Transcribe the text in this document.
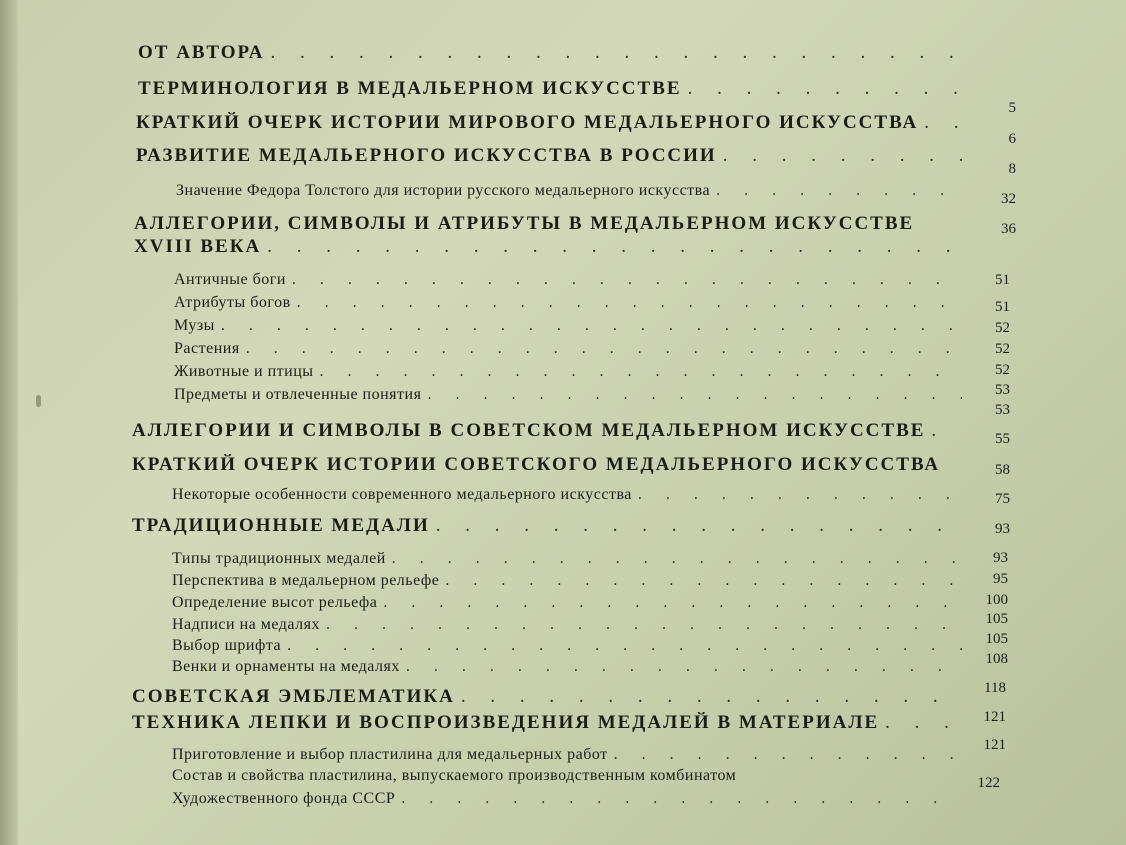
ОТ АВТОРА
. . .
ТЕРМИНОЛОГИЯ В МЕДАЛЬЕРНОМ ИСКУССТВЕ
. . .
КРАТКИЙ ОЧЕРК ИСТОРИИ МИРОВОГО МЕДАЛЬЕРНОГО ИСКУССТВА
. . .
РАЗВИТИЕ МЕДАЛЬЕРНОГО ИСКУССТВА В РОССИИ
. . .
Значение Федора Толстого для истории русского медальерного искусства
. . .
АЛЛЕГОРИИ, СИМВОЛЫ И АТРИБУТЫ В МЕДАЛЬЕРНОМ ИСКУССТВЕ
XVIII ВЕКА
. . .
Античные боги
. . .
Атрибуты богов
. . .
Музы
. . .
Растения
. . .
Животные и птицы
. . .
Предметы и отвлеченные понятия
. . .
АЛЛЕГОРИИ И СИМВОЛЫ В СОВЕТСКОМ МЕДАЛЬЕРНОМ ИСКУССТВЕ
. . .
КРАТКИЙ ОЧЕРК ИСТОРИИ СОВЕТСКОГО МЕДАЛЬЕРНОГО ИСКУССТВА
Некоторые особенности современного медальерного искусства
. . .
ТРАДИЦИОННЫЕ МЕДАЛИ
. . .
Типы традиционных медалей
. . .
Перспектива в медальерном рельефе
. . .
Определение высот рельефа
. . .
Надписи на медалях
. . .
Выбор шрифта
. . .
Венки и орнаменты на медалях
. . .
СОВЕТСКАЯ ЭМБЛЕМАТИКА
. . .
ТЕХНИКА ЛЕПКИ И ВОСПРОИЗВЕДЕНИЯ МЕДАЛЕЙ В МАТЕРИАЛЕ
. . .
Приготовление и выбор пластилина для медальерных работ
. . .
Состав и свойства пластилина, выпускаемого производственным комбинатом
Художественного фонда СССР
. . .
5
6
8
32
36
51
51
52
52
52
53
53
55
58
75
93
93
95
100
105
105
108
118
121
121
122
